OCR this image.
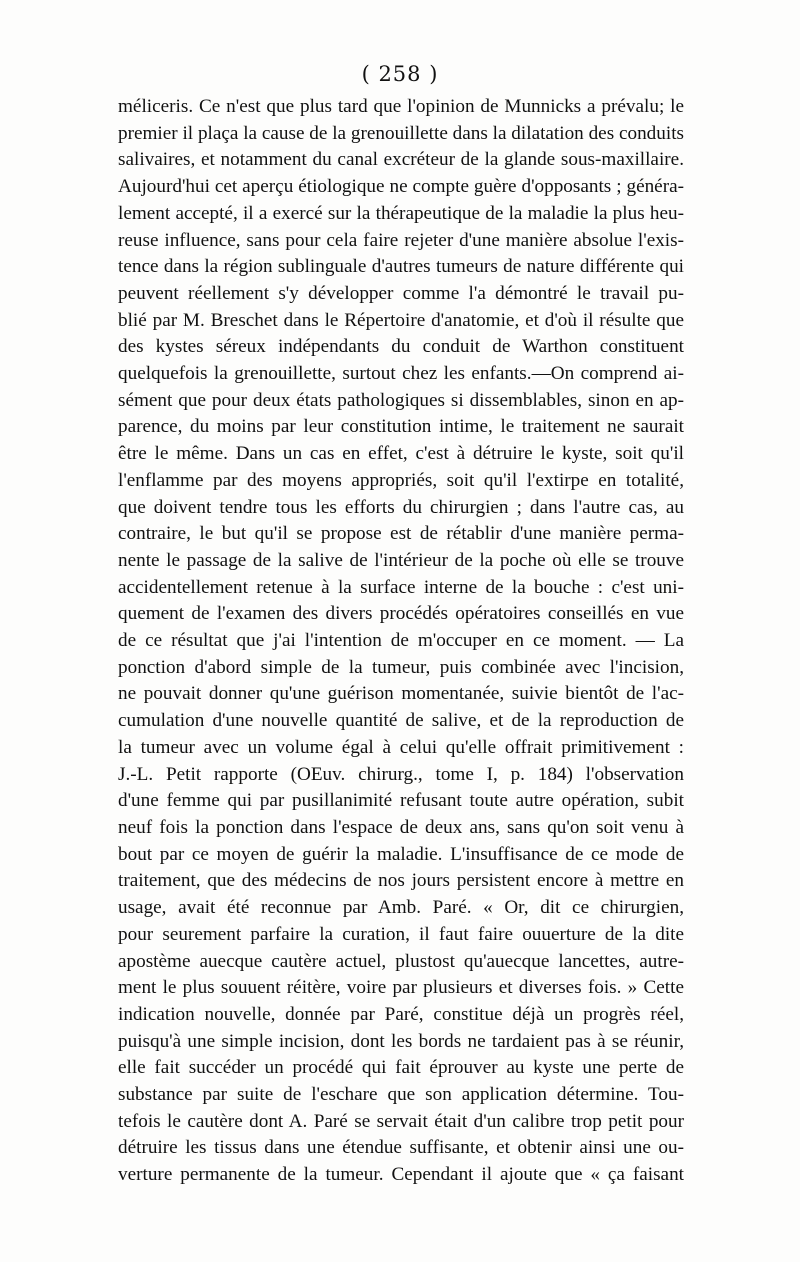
( 258 )
méliceris. Ce n'est que plus tard que l'opinion de Munnicks a prévalu; le
premier il plaça la cause de la grenouillette dans la dilatation des conduits
salivaires, et notamment du canal excréteur de la glande sous-maxillaire.
Aujourd'hui cet aperçu étiologique ne compte guère d'opposants ; généra-
lement accepté, il a exercé sur la thérapeutique de la maladie la plus heu-
reuse influence, sans pour cela faire rejeter d'une manière absolue l'exis-
tence dans la région sublinguale d'autres tumeurs de nature différente qui
peuvent réellement s'y développer comme l'a démontré le travail pu-
blié par M. Breschet dans le Répertoire d'anatomie, et d'où il résulte que
des kystes séreux indépendants du conduit de Warthon constituent
quelquefois la grenouillette, surtout chez les enfants.—On comprend ai-
sément que pour deux états pathologiques si dissemblables, sinon en ap-
parence, du moins par leur constitution intime, le traitement ne saurait
être le même. Dans un cas en effet, c'est à détruire le kyste, soit qu'il
l'enflamme par des moyens appropriés, soit qu'il l'extirpe en totalité,
que doivent tendre tous les efforts du chirurgien ; dans l'autre cas, au
contraire, le but qu'il se propose est de rétablir d'une manière perma-
nente le passage de la salive de l'intérieur de la poche où elle se trouve
accidentellement retenue à la surface interne de la bouche : c'est uni-
quement de l'examen des divers procédés opératoires conseillés en vue
de ce résultat que j'ai l'intention de m'occuper en ce moment. — La
ponction d'abord simple de la tumeur, puis combinée avec l'incision,
ne pouvait donner qu'une guérison momentanée, suivie bientôt de l'ac-
cumulation d'une nouvelle quantité de salive, et de la reproduction de
la tumeur avec un volume égal à celui qu'elle offrait primitivement :
J.-L. Petit rapporte (OEuv. chirurg., tome I, p. 184) l'observation
d'une femme qui par pusillanimité refusant toute autre opération, subit
neuf fois la ponction dans l'espace de deux ans, sans qu'on soit venu à
bout par ce moyen de guérir la maladie. L'insuffisance de ce mode de
traitement, que des médecins de nos jours persistent encore à mettre en
usage, avait été reconnue par Amb. Paré. « Or, dit ce chirurgien,
pour seurement parfaire la curation, il faut faire ouuerture de la dite
apostème auecque cautère actuel, plustost qu'auecque lancettes, autre-
ment le plus souuent réitère, voire par plusieurs et diverses fois. » Cette
indication nouvelle, donnée par Paré, constitue déjà un progrès réel,
puisqu'à une simple incision, dont les bords ne tardaient pas à se réunir,
elle fait succéder un procédé qui fait éprouver au kyste une perte de
substance par suite de l'eschare que son application détermine. Tou-
tefois le cautère dont A. Paré se servait était d'un calibre trop petit pour
détruire les tissus dans une étendue suffisante, et obtenir ainsi une ou-
verture permanente de la tumeur. Cependant il ajoute que « ça faisant
